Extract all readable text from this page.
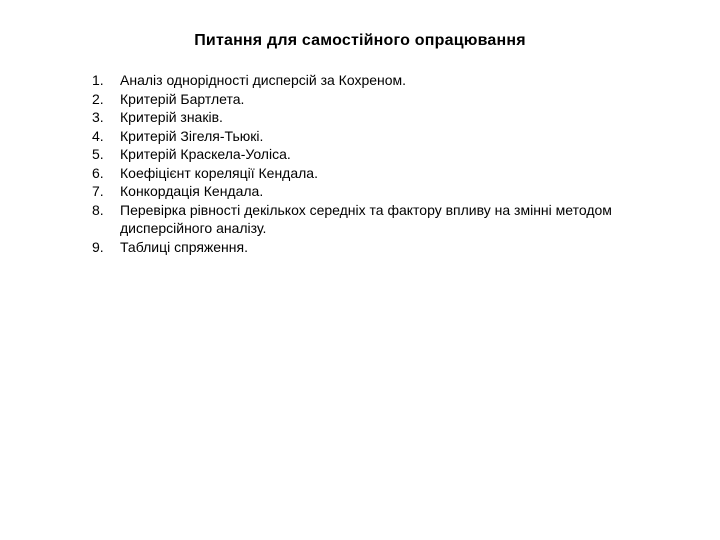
Питання для самостійного опрацювання
1.	Аналіз однорідності дисперсій за Кохреном.
2.	Критерій Бартлета.
3.	Критерій знаків.
4.	Критерій Зігеля-Тьюкі.
5.	Критерій Краскела-Уоліса.
6.	Коефіцієнт кореляції Кендала.
7.	Конкордація Кендала.
8.	Перевірка рівності декількох середніх та фактору впливу на змінні методом дисперсійного аналізу.
9.	Таблиці спряження.
